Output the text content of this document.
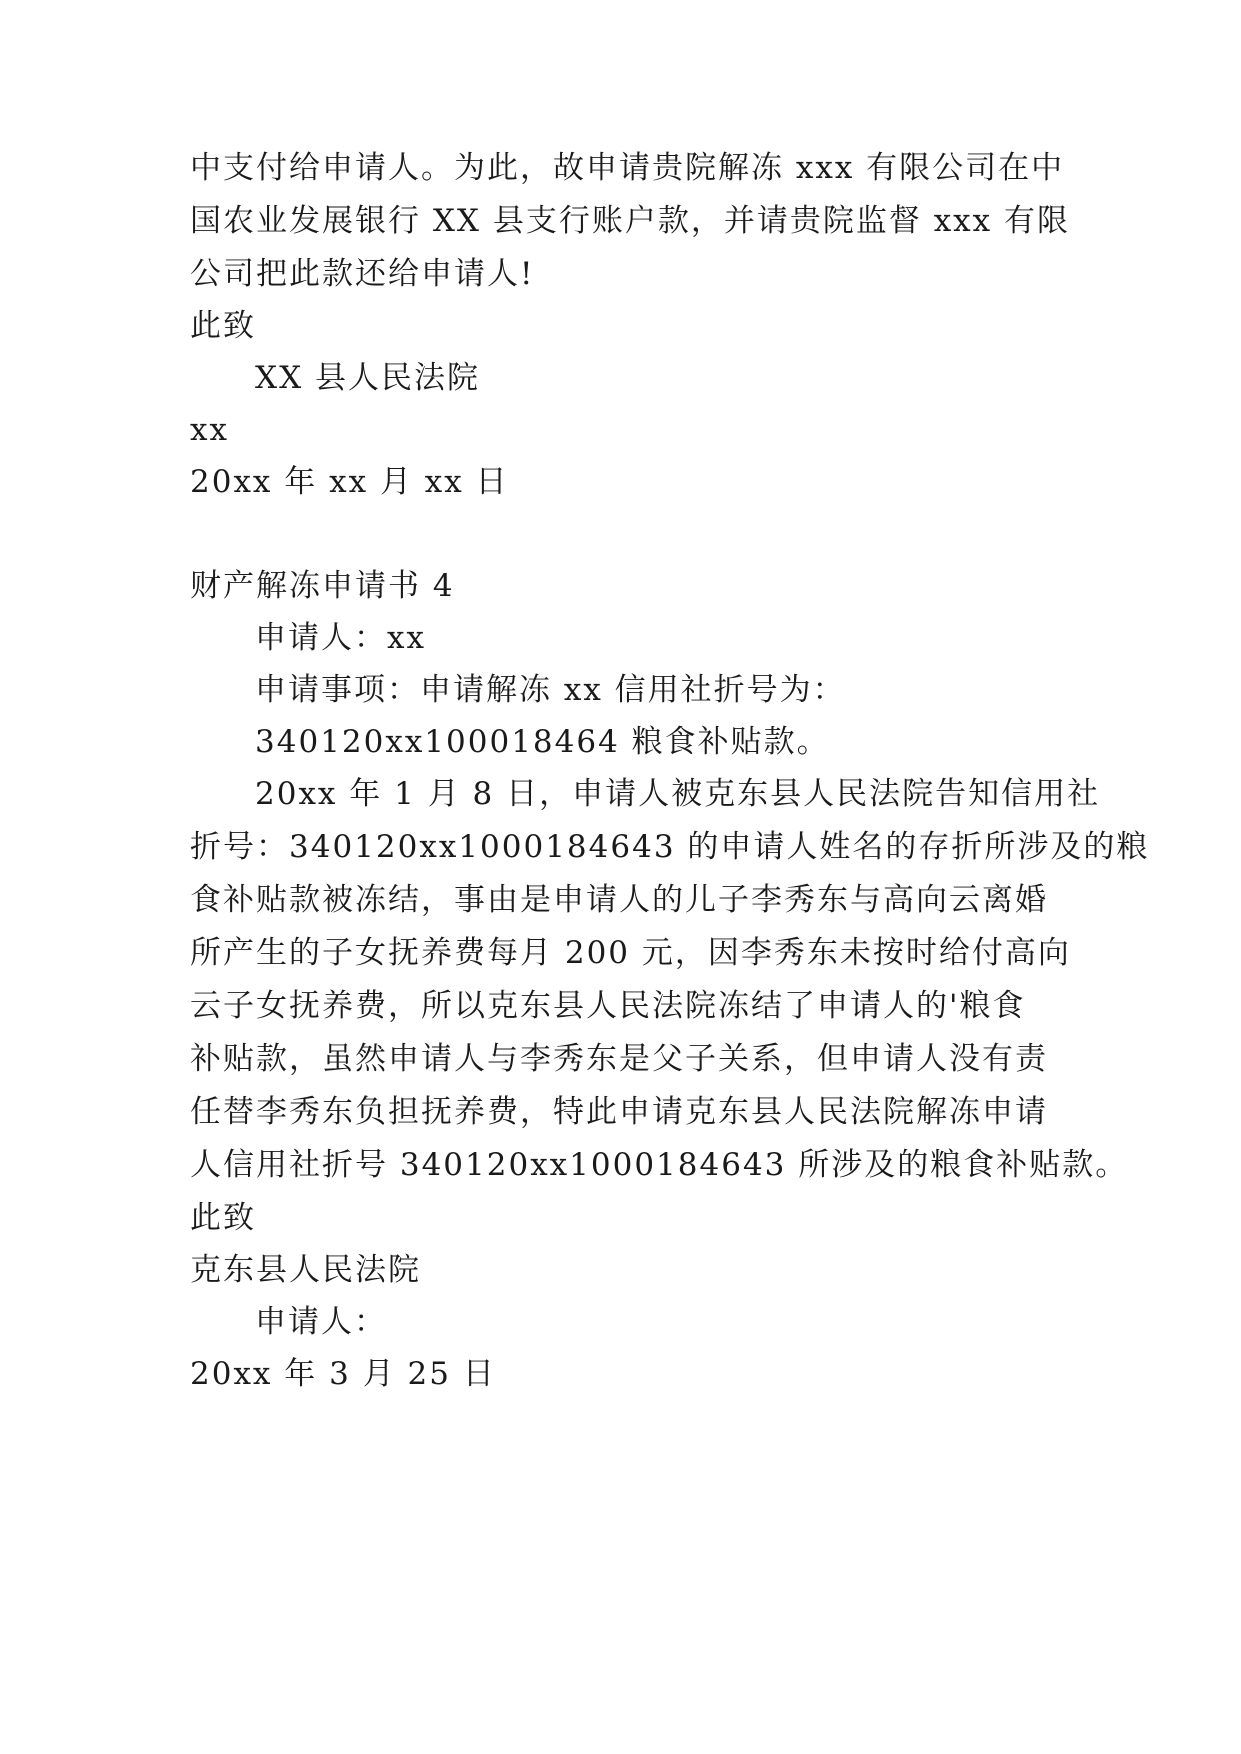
中支付给申请人。为此，故申请贵院解冻 xxx 有限公司在中
国农业发展银行 XX 县支行账户款，并请贵院监督 xxx 有限
公司把此款还给申请人!
此致
XX 县人民法院
xx
20xx 年 xx 月 xx 日
财产解冻申请书 4
申请人：xx
申请事项：申请解冻 xx 信用社折号为：
340120xx100018464 粮食补贴款。
20xx 年 1 月 8 日，申请人被克东县人民法院告知信用社
折号：340120xx1000184643 的申请人姓名的存折所涉及的粮
食补贴款被冻结，事由是申请人的儿子李秀东与高向云离婚
所产生的子女抚养费每月 200 元，因李秀东未按时给付高向
云子女抚养费，所以克东县人民法院冻结了申请人的'粮食
补贴款，虽然申请人与李秀东是父子关系，但申请人没有责
任替李秀东负担抚养费，特此申请克东县人民法院解冻申请
人信用社折号 340120xx1000184643 所涉及的粮食补贴款。
此致
克东县人民法院
申请人：
20xx 年 3 月 25 日
